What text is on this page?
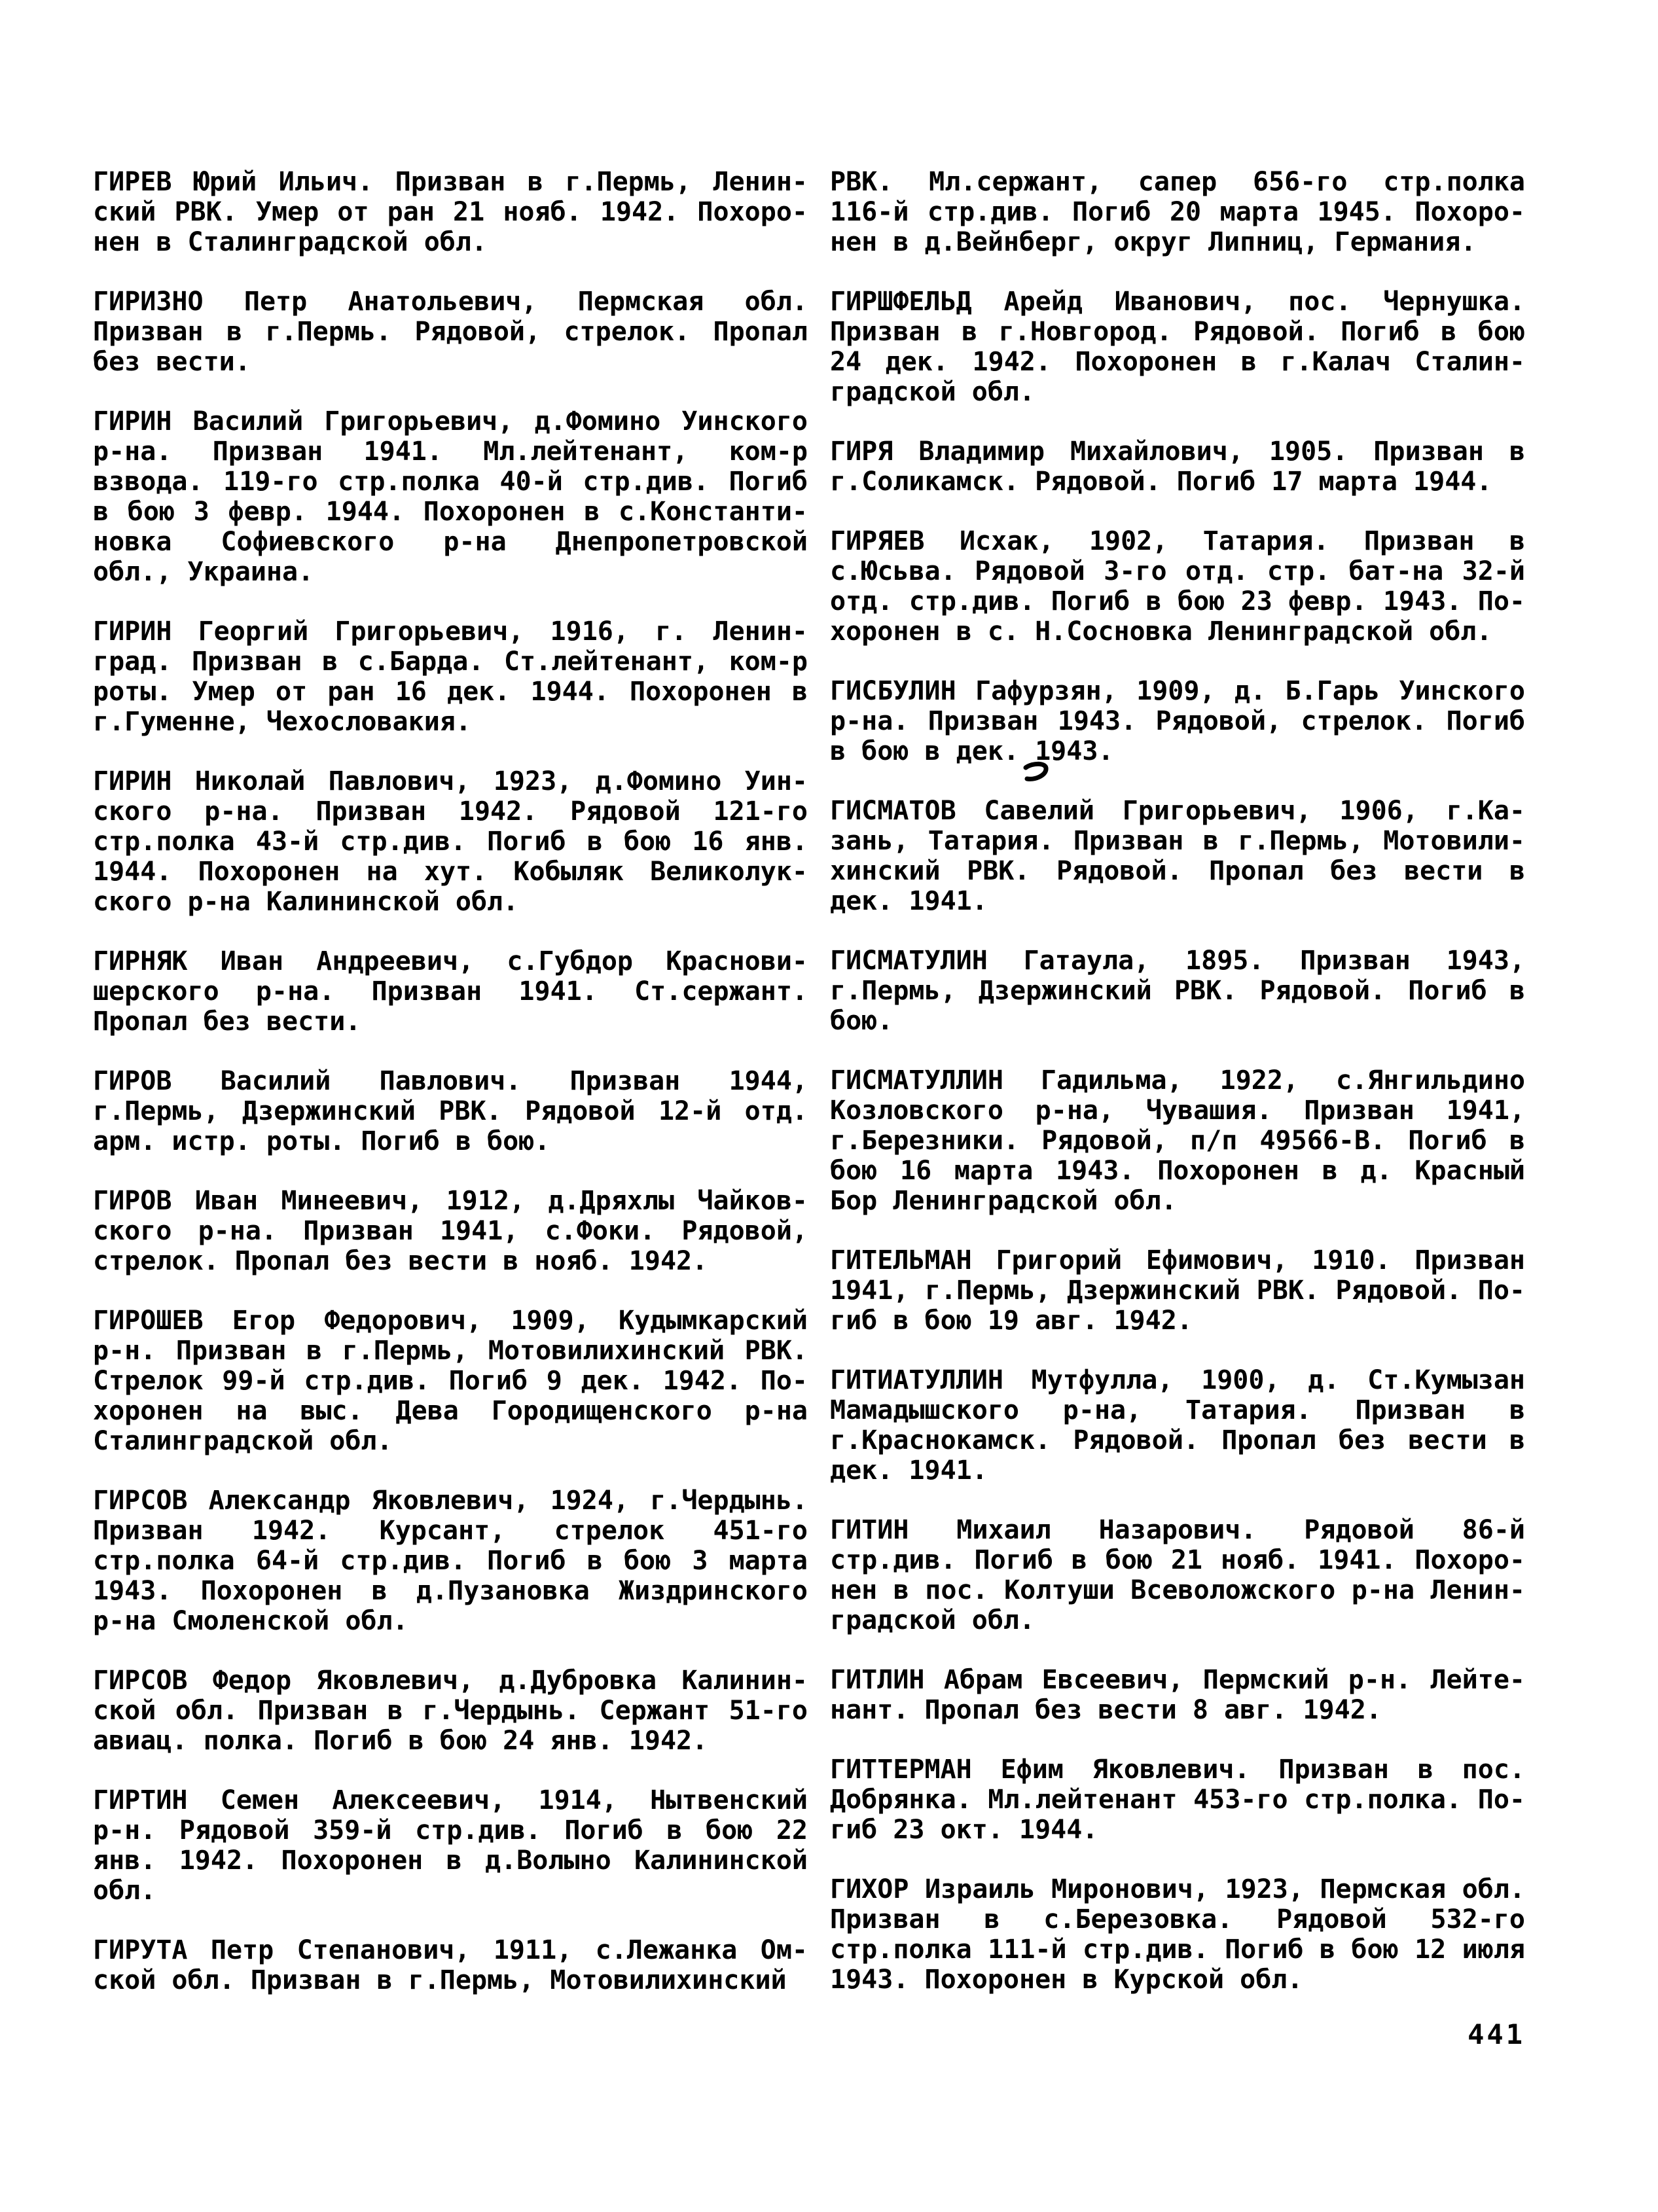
ГИРЕВ Юрий Ильич. Призван в г.Пермь, Ленин-
ский РВК. Умер от ран 21 нояб. 1942. Похоро-
нен в Сталинградской обл.
ГИРИЗНО Петр Анатольевич, Пермская обл.
Призван в г.Пермь. Рядовой, стрелок. Пропал
без вести.
ГИРИН Василий Григорьевич, д.Фомино Уинского
р-на. Призван 1941. Мл.лейтенант, ком-р
взвода. 119-го стр.полка 40-й стр.див. Погиб
в бою 3 февр. 1944. Похоронен в с.Константи-
новка Софиевского р-на Днепропетровской
обл., Украина.
ГИРИН Георгий Григорьевич, 1916, г. Ленин-
град. Призван в с.Барда. Ст.лейтенант, ком-р
роты. Умер от ран 16 дек. 1944. Похоронен в
г.Гуменне, Чехословакия.
ГИРИН Николай Павлович, 1923, д.Фомино Уин-
ского р-на. Призван 1942. Рядовой 121-го
стр.полка 43-й стр.див. Погиб в бою 16 янв.
1944. Похоронен на хут. Кобыляк Великолук-
ского р-на Калининской обл.
ГИРНЯК Иван Андреевич, с.Губдор Краснови-
шерского р-на. Призван 1941. Ст.сержант.
Пропал без вести.
ГИРОВ Василий Павлович. Призван 1944,
г.Пермь, Дзержинский РВК. Рядовой 12-й отд.
арм. истр. роты. Погиб в бою.
ГИРОВ Иван Минеевич, 1912, д.Дряхлы Чайков-
ского р-на. Призван 1941, с.Фоки. Рядовой,
стрелок. Пропал без вести в нояб. 1942.
ГИРОШЕВ Егор Федорович, 1909, Кудымкарский
р-н. Призван в г.Пермь, Мотовилихинский РВК.
Стрелок 99-й стр.див. Погиб 9 дек. 1942. По-
хоронен на выс. Дева Городищенского р-на
Сталинградской обл.
ГИРСОВ Александр Яковлевич, 1924, г.Чердынь.
Призван 1942. Курсант, стрелок 451-го
стр.полка 64-й стр.див. Погиб в бою 3 марта
1943. Похоронен в д.Пузановка Жиздринского
р-на Смоленской обл.
ГИРСОВ Федор Яковлевич, д.Дубровка Калинин-
ской обл. Призван в г.Чердынь. Сержант 51-го
авиац. полка. Погиб в бою 24 янв. 1942.
ГИРТИН Семен Алексеевич, 1914, Нытвенский
р-н. Рядовой 359-й стр.див. Погиб в бою 22
янв. 1942. Похоронен в д.Волыно Калининской
обл.
ГИРУТА Петр Степанович, 1911, с.Лежанка Ом-
ской обл. Призван в г.Пермь, Мотовилихинский
РВК. Мл.сержант, сапер 656-го стр.полка
116-й стр.див. Погиб 20 марта 1945. Похоро-
нен в д.Вейнберг, округ Липниц, Германия.
ГИРШФЕЛЬД Арейд Иванович, пос. Чернушка.
Призван в г.Новгород. Рядовой. Погиб в бою
24 дек. 1942. Похоронен в г.Калач Сталин-
градской обл.
ГИРЯ Владимир Михайлович, 1905. Призван в
г.Соликамск. Рядовой. Погиб 17 марта 1944.
ГИРЯЕВ Исхак, 1902, Татария. Призван в
с.Юсьва. Рядовой 3-го отд. стр. бат-на 32-й
отд. стр.див. Погиб в бою 23 февр. 1943. По-
хоронен в с. Н.Сосновка Ленинградской обл.
ГИСБУЛИН Гафурзян, 1909, д. Б.Гарь Уинского
р-на. Призван 1943. Рядовой, стрелок. Погиб
в бою в дек. 1943.
ГИСМАТОВ Савелий Григорьевич, 1906, г.Ка-
зань, Татария. Призван в г.Пермь, Мотовили-
хинский РВК. Рядовой. Пропал без вести в
дек. 1941.
ГИСМАТУЛИН Гатаула, 1895. Призван 1943,
г.Пермь, Дзержинский РВК. Рядовой. Погиб в
бою.
ГИСМАТУЛЛИН Гадильма, 1922, с.Янгильдино
Козловского р-на, Чувашия. Призван 1941,
г.Березники. Рядовой, п/п 49566-В. Погиб в
бою 16 марта 1943. Похоронен в д. Красный
Бор Ленинградской обл.
ГИТЕЛЬМАН Григорий Ефимович, 1910. Призван
1941, г.Пермь, Дзержинский РВК. Рядовой. По-
гиб в бою 19 авг. 1942.
ГИТИАТУЛЛИН Мутфулла, 1900, д. Ст.Кумызан
Мамадышского р-на, Татария. Призван в
г.Краснокамск. Рядовой. Пропал без вести в
дек. 1941.
ГИТИН Михаил Назарович. Рядовой 86-й
стр.див. Погиб в бою 21 нояб. 1941. Похоро-
нен в пос. Колтуши Всеволожского р-на Ленин-
градской обл.
ГИТЛИН Абрам Евсеевич, Пермский р-н. Лейте-
нант. Пропал без вести 8 авг. 1942.
ГИТТЕРМАН Ефим Яковлевич. Призван в пос.
Добрянка. Мл.лейтенант 453-го стр.полка. По-
гиб 23 окт. 1944.
ГИХОР Израиль Миронович, 1923, Пермская обл.
Призван в с.Березовка. Рядовой 532-го
стр.полка 111-й стр.див. Погиб в бою 12 июля
1943. Похоронен в Курской обл.
441
